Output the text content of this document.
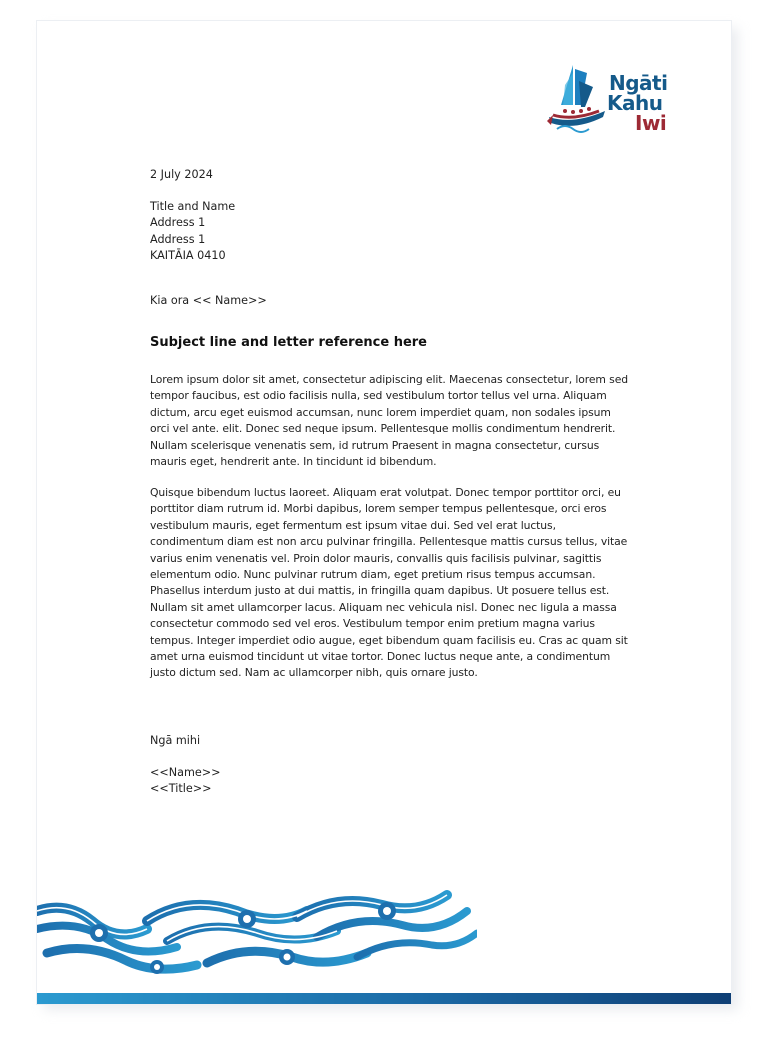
Ngāti
Kahu
Iwi
2 July 2024
Title and Name
Address 1
Address 1
KAITĀIA 0410
Kia ora << Name>>
Subject line and letter reference here

Lorem ipsum dolor sit amet, consectetur adipiscing elit. Maecenas consectetur, lorem sed tempor faucibus, est odio facilisis nulla, sed vestibulum tortor tellus vel urna. Aliquam dictum, arcu eget euismod accumsan, nunc lorem imperdiet quam, non sodales ipsum orci vel ante. elit. Donec sed neque ipsum. Pellentesque mollis condimentum hendrerit. Nullam scelerisque venenatis sem, id rutrum Praesent in magna consectetur, cursus mauris eget, hendrerit ante. In tincidunt id bibendum.

Quisque bibendum luctus laoreet. Aliquam erat volutpat. Donec tempor porttitor orci, eu porttitor diam rutrum id. Morbi dapibus, lorem semper tempus pellentesque, orci eros vestibulum mauris, eget fermentum est ipsum vitae dui. Sed vel erat luctus, condimentum diam est non arcu pulvinar fringilla. Pellentesque mattis cursus tellus, vitae varius enim venenatis vel. Proin dolor mauris, convallis quis facilisis pulvinar, sagittis elementum odio. Nunc pulvinar rutrum diam, eget pretium risus tempus accumsan. Phasellus interdum justo at dui mattis, in fringilla quam dapibus. Ut posuere tellus est. Nullam sit amet ullamcorper lacus. Aliquam nec vehicula nisl. Donec nec ligula a massa consectetur commodo sed vel eros. Vestibulum tempor enim pretium magna varius tempus. Integer imperdiet odio augue, eget bibendum quam facilisis eu. Cras ac quam sit amet urna euismod tincidunt ut vitae tortor. Donec luctus neque ante, a condimentum justo dictum sed. Nam ac ullamcorper nibh, quis ornare justo.

Ngā mihi
<<Name>>
<<Title>>
